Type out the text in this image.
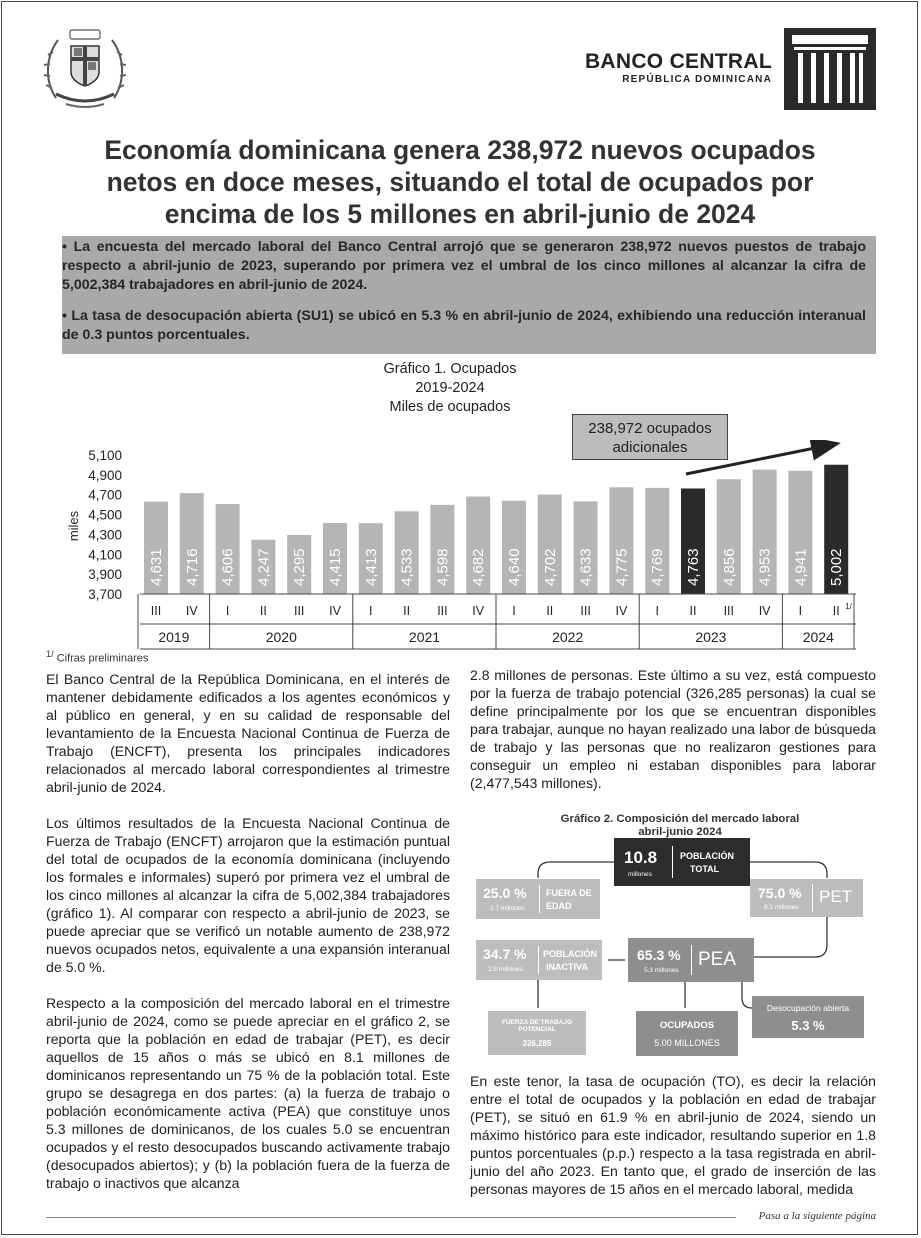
BANCO CENTRAL
REPÚBLICA DOMINICANA
Economía dominicana genera 238,972 nuevos ocupados
netos en doce meses, situando el total de ocupados por
encima de los 5 millones en abril-junio de 2024

• La encuesta del mercado laboral del Banco Central arrojó que se generaron 238,972 nuevos puestos de trabajo respecto a abril-junio de 2023, superando por primera vez el umbral de los cinco millones al alcanzar la cifra de 5,002,384 trabajadores en abril-junio de 2024.

• La tasa de desocupación abierta (SU1) se ubicó en 5.3 % en abril-junio de 2024, exhibiendo una reducción interanual de 0.3 puntos porcentuales.

Gráfico 1. Ocupados
2019-2024
Miles de ocupados
238,972 ocupados
adicionales
miles
5,100
4,900
4,700
4,500
4,300
4,100
3,900
3,700
4,631 4,716 4,606 4,247 4,295 4,415 4,413 4,533 4,598 4,682 4,640 4,702 4,633 4,775 4,769 4,763 4,856 4,953 4,941 5,002
III IV I II III IV I II III IV I II III IV I II III IV I II 1/
2019	2020	2021	2022	2023	2024
$^{1/}$ Cifras preliminares

El Banco Central de la República Dominicana, en el interés de mantener debidamente edificados a los agentes económicos y al público en general, y en su calidad de responsable del levantamiento de la Encuesta Nacional Continua de Fuerza de Trabajo (ENCFT), presenta los principales indicadores relacionados al mercado laboral correspondientes al trimestre abril-junio de 2024.

Los últimos resultados de la Encuesta Nacional Continua de Fuerza de Trabajo (ENCFT) arrojaron que la estimación puntual del total de ocupados de la economía dominicana (incluyendo los formales e informales) superó por primera vez el umbral de los cinco millones al alcanzar la cifra de 5,002,384 trabajadores (gráfico 1). Al comparar con respecto a abril-junio de 2023, se puede apreciar que se verificó un notable aumento de 238,972 nuevos ocupados netos, equivalente a una expansión interanual de 5.0 %.

Respecto a la composición del mercado laboral en el trimestre abril-junio de 2024, como se puede apreciar en el gráfico 2, se reporta que la población en edad de trabajar (PET), es decir aquellos de 15 años o más se ubicó en 8.1 millones de dominicanos representando un 75 % de la población total. Este grupo se desagrega en dos partes: (a) la fuerza de trabajo o población económicamente activa (PEA) que constituye unos 5.3 millones de dominicanos, de los cuales 5.0 se encuentran ocupados y el resto desocupados buscando activamente trabajo (desocupados abiertos); y (b) la población fuera de la fuerza de trabajo o inactivos que alcanza

2.8 millones de personas. Este último a su vez, está compuesto por la fuerza de trabajo potencial (326,285 personas) la cual se define principalmente por los que se encuentran disponibles para trabajar, aunque no hayan realizado una labor de búsqueda de trabajo y las personas que no realizaron gestiones para conseguir un empleo ni estaban disponibles para laborar (2,477,543 millones).

Gráfico 2. Composición del mercado laboral
abril-junio 2024
10.8
millones
POBLACIÓN
TOTAL
25.0 %
2.7 millones
FUERA DE
EDAD
75.0 %
8.1 millones
PET
34.7 %
2.8 millones
POBLACIÓN
INACTIVA
65.3 %
5.3 millones
PEA
FUERZA DE TRABAJO
POTENCIAL
326,285
OCUPADOS
5.00 MILLONES
Desocupación abierta
5.3 %

En este tenor, la tasa de ocupación (TO), es decir la relación entre el total de ocupados y la población en edad de trabajar (PET), se situó en 61.9 % en abril-junio de 2024, siendo un máximo histórico para este indicador, resultando superior en 1.8 puntos porcentuales (p.p.) respecto a la tasa registrada en abril-junio del año 2023. En tanto que, el grado de inserción de las personas mayores de 15 años en el mercado laboral, medida

Pasa a la siguiente página
